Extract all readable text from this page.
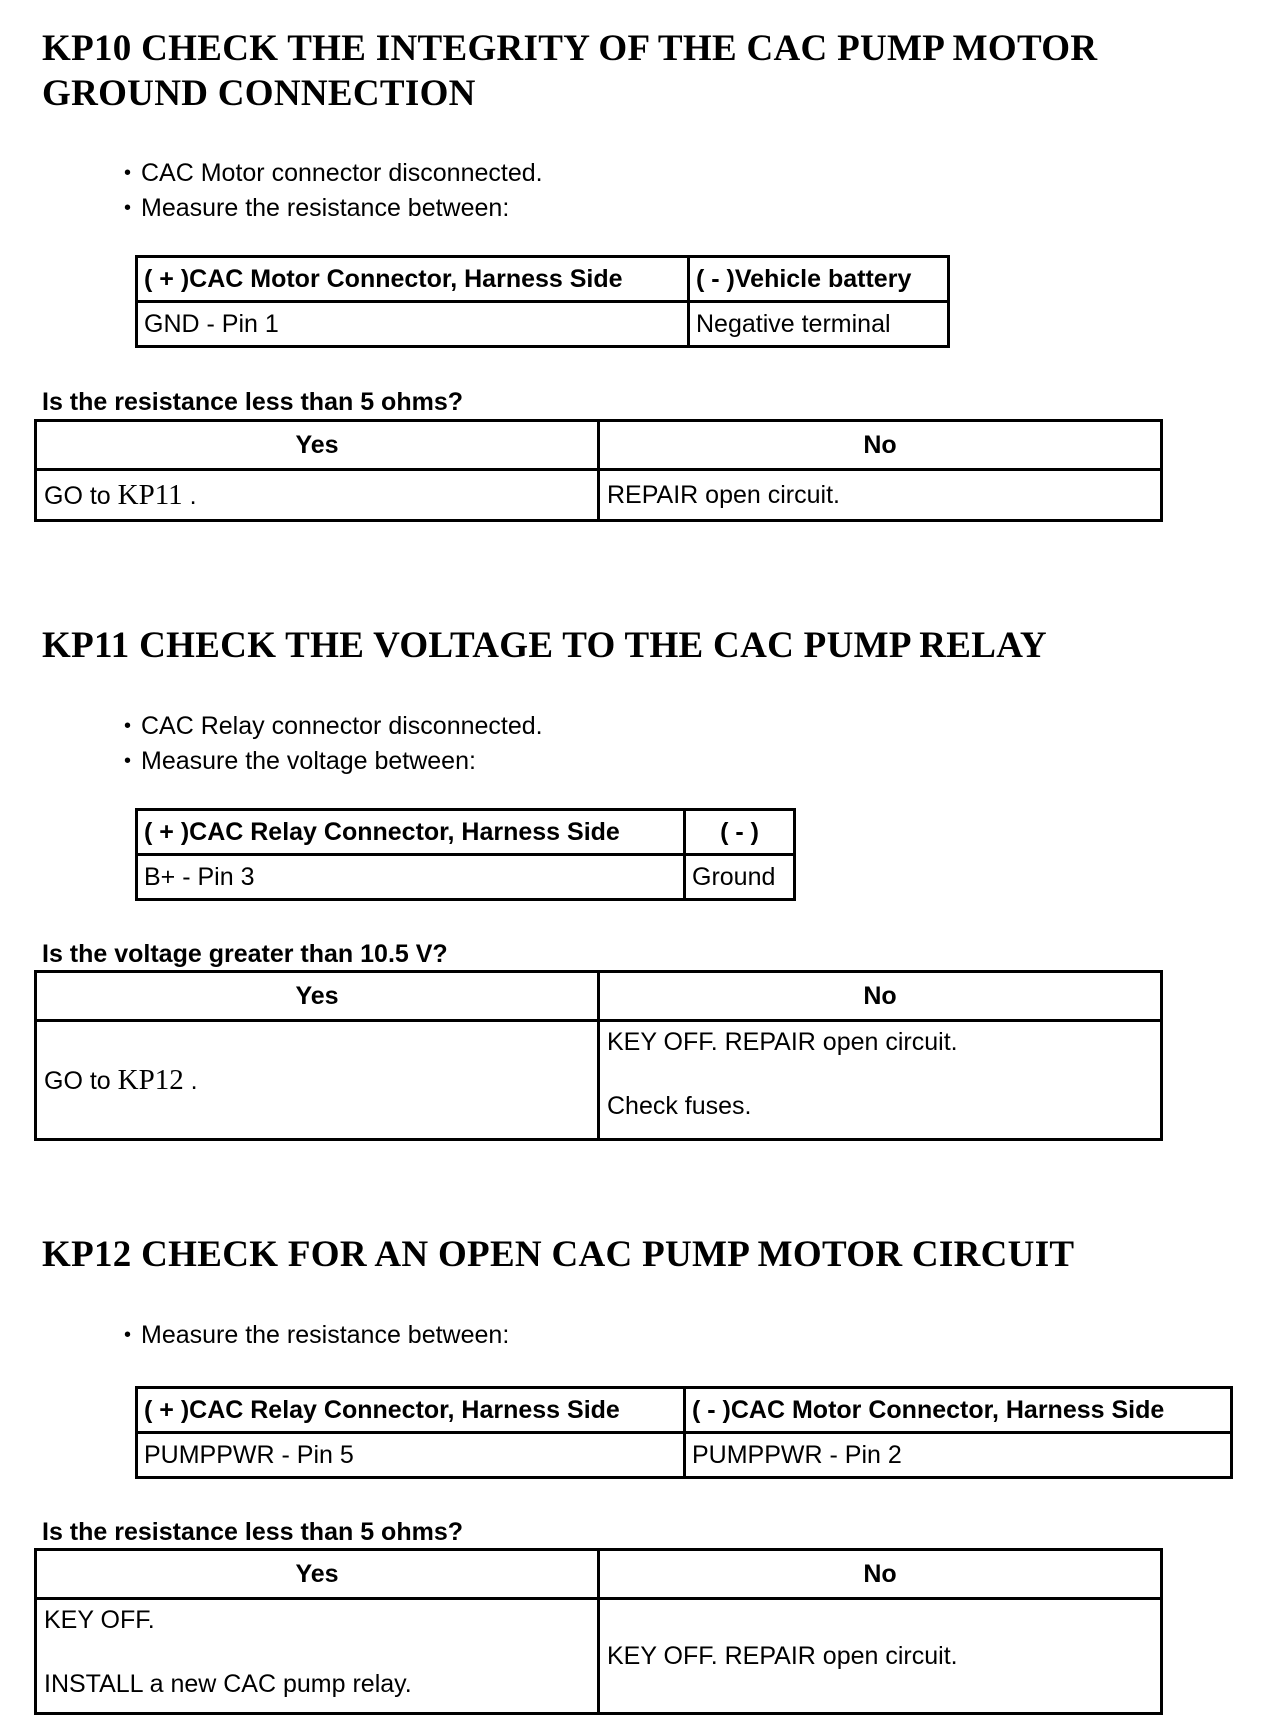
KP10 CHECK THE INTEGRITY OF THE CAC PUMP MOTOR
GROUND CONNECTION
• CAC Motor connector disconnected.
• Measure the resistance between:
( + )CAC Motor Connector, Harness Side	( - )Vehicle battery
GND - Pin 1	Negative terminal

Is the resistance less than 5 ohms?

Yes	No
GO to KP11 .	REPAIR open circuit.
KP11 CHECK THE VOLTAGE TO THE CAC PUMP RELAY
• CAC Relay connector disconnected.
• Measure the voltage between:
( + )CAC Relay Connector, Harness Side	( - )
B+ - Pin 3	Ground

Is the voltage greater than 10.5 V?

Yes	No
GO to KP12 .	KEY OFF. REPAIR open circuit.
Check fuses.
KP12 CHECK FOR AN OPEN CAC PUMP MOTOR CIRCUIT
• Measure the resistance between:
( + )CAC Relay Connector, Harness Side	( - )CAC Motor Connector, Harness Side
PUMPPWR - Pin 5	PUMPPWR - Pin 2

Is the resistance less than 5 ohms?

Yes	No

KEY OFF.
INSTALL a new CAC pump relay.	KEY OFF. REPAIR open circuit.
